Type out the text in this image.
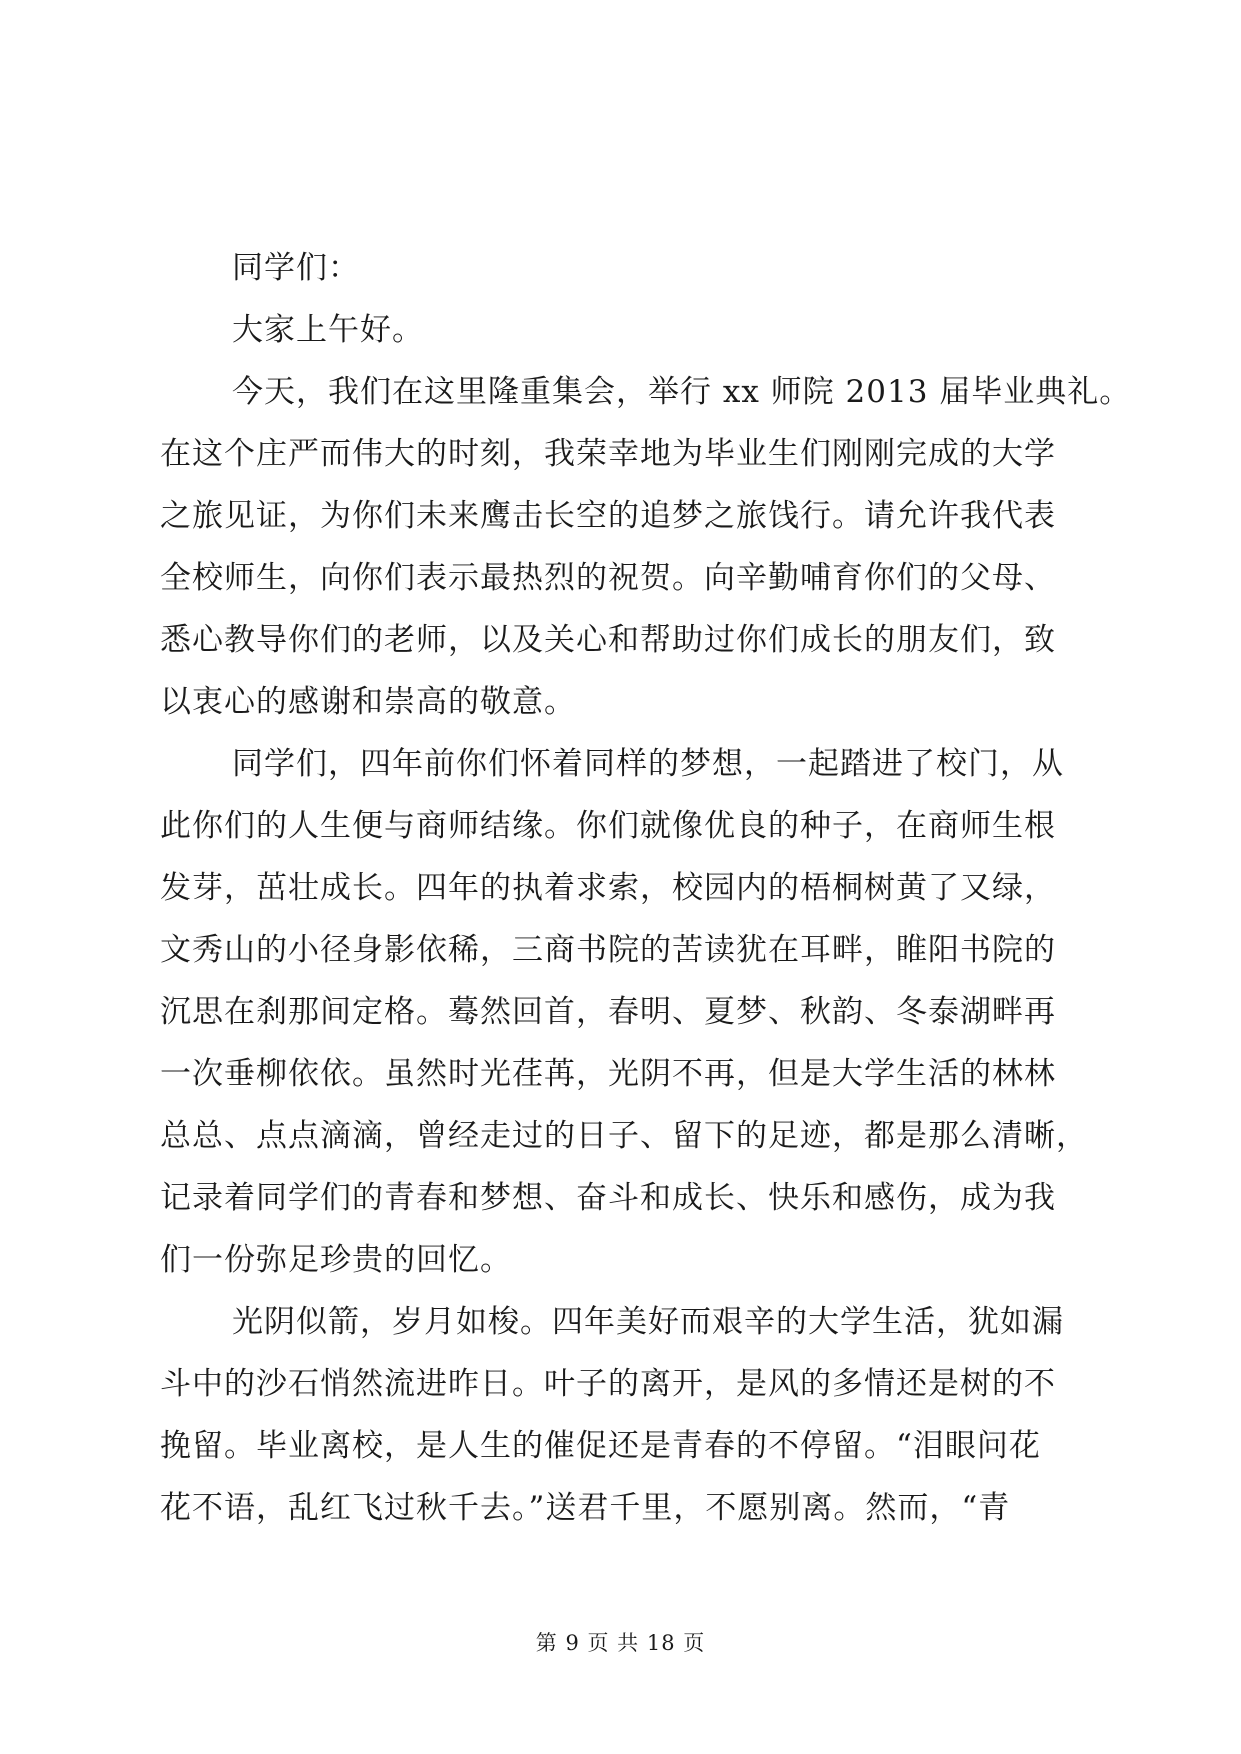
同学们：
大家上午好。
今天，我们在这里隆重集会，举行 xx 师院 2013 届毕业典礼。
在这个庄严而伟大的时刻，我荣幸地为毕业生们刚刚完成的大学
之旅见证，为你们未来鹰击长空的追梦之旅饯行。请允许我代表
全校师生，向你们表示最热烈的祝贺。向辛勤哺育你们的父母、
悉心教导你们的老师，以及关心和帮助过你们成长的朋友们，致
以衷心的感谢和崇高的敬意。
同学们，四年前你们怀着同样的梦想，一起踏进了校门，从
此你们的人生便与商师结缘。你们就像优良的种子，在商师生根
发芽，茁壮成长。四年的执着求索，校园内的梧桐树黄了又绿，
文秀山的小径身影依稀，三商书院的苦读犹在耳畔，睢阳书院的
沉思在刹那间定格。蓦然回首，春明、夏梦、秋韵、冬泰湖畔再
一次垂柳依依。虽然时光荏苒，光阴不再，但是大学生活的林林
总总、点点滴滴，曾经走过的日子、留下的足迹，都是那么清晰，
记录着同学们的青春和梦想、奋斗和成长、快乐和感伤，成为我
们一份弥足珍贵的回忆。
光阴似箭，岁月如梭。四年美好而艰辛的大学生活，犹如漏
斗中的沙石悄然流进昨日。叶子的离开，是风的多情还是树的不
挽留。毕业离校，是人生的催促还是青春的不停留。“泪眼问花
花不语，乱红飞过秋千去。”送君千里，不愿别离。然而，“青
第 9 页 共 18 页
